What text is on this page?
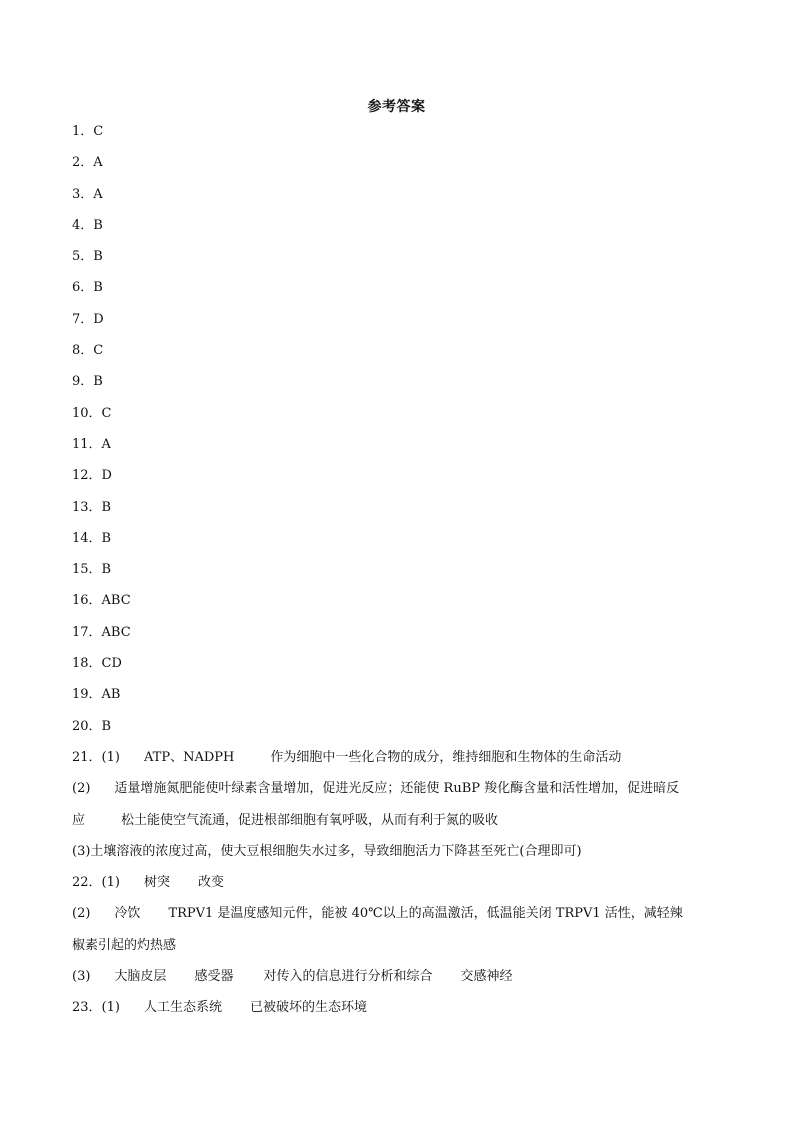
参考答案
1．C
2．A
3．A
4．B
5．B
6．B
7．D
8．C
9．B
10．C
11．A
12．D
13．B
14．B
15．B
16．ABC
17．ABC
18．CD
19．AB
20．B
21．(1) ATP、NADPH	作为细胞中一些化合物的成分，维持细胞和生物体的生命活动
(2) 适量增施氮肥能使叶绿素含量增加，促进光反应；还能使 RuBP 羧化酶含量和活性增加，促进暗反
应	松土能使空气流通，促进根部细胞有氧呼吸，从而有利于氮的吸收
(3)土壤溶液的浓度过高，使大豆根细胞失水过多，导致细胞活力下降甚至死亡(合理即可)
22．(1) 树突 改变
(2) 冷饮 TRPV1 是温度感知元件，能被 40℃以上的高温激活，低温能关闭 TRPV1 活性，减轻辣
椒素引起的灼热感
(3) 大脑皮层 感受器 对传入的信息进行分析和综合 交感神经
23．(1) 人工生态系统 已被破坏的生态环境
